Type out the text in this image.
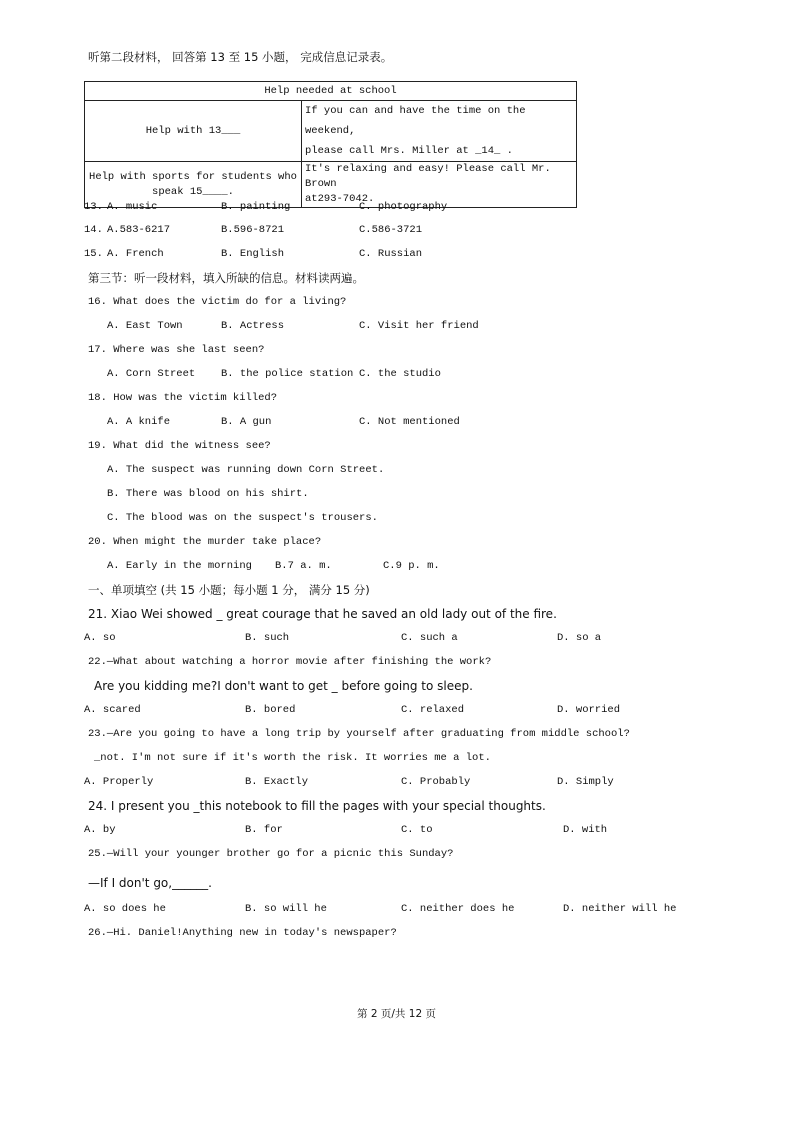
听第二段材料， 回答第 13 至 15 小题， 完成信息记录表。
Help needed at school	
Help with 13___	If you can and have the time on the weekend,
please call Mrs. Miller at _14_ .
Help with sports for students who
speak 15____.	It's relaxing and easy! Please call Mr. Brown
at293-7042.
13. A. music	B. painting	C. photography
14. A.583-6217	B.596-8721	C.586-3721
15. A. French	B. English	C. Russian
第三节：听一段材料，填入所缺的信息。材料读两遍。
16. What does the victim do for a living?
A. East Town	B. Actress	C. Visit her friend
17. Where was she last seen?
A. Corn Street B. the police station C. the studio
18. How was the victim killed?
A. A knife	B. A gun	C. Not mentioned
19. What did the witness see?
A. The suspect was running down Corn Street.
B. There was blood on his shirt.
C. The blood was on the suspect's trousers.
20. When might the murder take place?
A. Early in the morning B.7 a. m.	C.9 p. m.
一、单项填空 (共 15 小题；每小题 1 分， 满分 15 分)
21. Xiao Wei showed _ great courage that he saved an old lady out of the fire.
A. so	B. such	C. such a	D. so a
22.—What about watching a horror movie after finishing the work?
Are you kidding me?I don't want to get _ before going to sleep.
A. scared	B. bored	C. relaxed	D. worried
23.—Are you going to have a long trip by yourself after graduating from middle school?
_not. I'm not sure if it's worth the risk. It worries me a lot.
A. Properly	B. Exactly	C. Probably	D. Simply
24. I present you _this notebook to fill the pages with your special thoughts.
A. by	B. for	C. to	D. with
25.—Will your younger brother go for a picnic this Sunday?
—If I don't go,______.
A. so does he	B. so will he	C. neither does he	D. neither will he
26.—Hi. Daniel!Anything new in today's newspaper?
第 2 页/共 12 页
